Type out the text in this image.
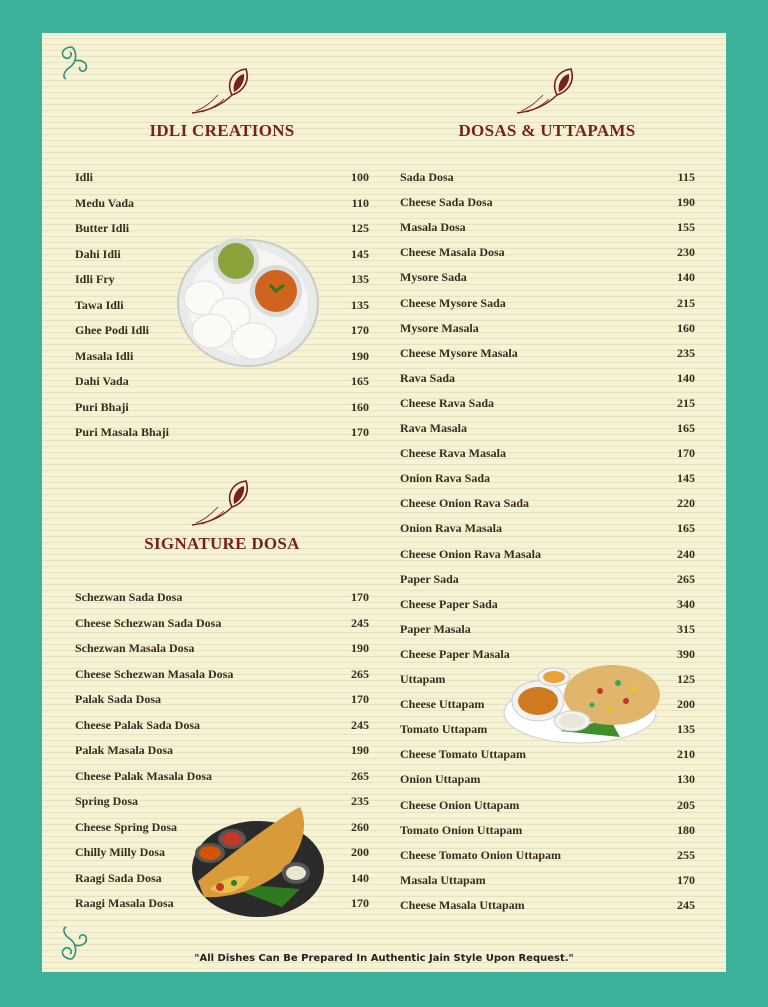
IDLI CREATIONS	DOSAS & UTTAPAMS
SIGNATURE DOSA
Idli	100
Medu Vada	110
Butter Idli	125
Dahi Idli	145
Idli Fry	135
Tawa Idli	135
Ghee Podi Idli	170
Masala Idli	190
Dahi Vada	165
Puri Bhaji	160
Puri Masala Bhaji	170
Schezwan Sada Dosa	170
Cheese Schezwan Sada Dosa	245
Schezwan Masala Dosa	190
Cheese Schezwan Masala Dosa	265
Palak Sada Dosa	170
Cheese Palak Sada Dosa	245
Palak Masala Dosa	190
Cheese Palak Masala Dosa	265
Spring Dosa	235
Cheese Spring Dosa	260
Chilly Milly Dosa	200
Raagi Sada Dosa	140
Raagi Masala Dosa	170
Sada Dosa	115
Cheese Sada Dosa	190
Masala Dosa	155
Cheese Masala Dosa	230
Mysore Sada	140
Cheese Mysore Sada	215
Mysore Masala	160
Cheese Mysore Masala	235
Rava Sada	140
Cheese Rava Sada	215
Rava Masala	165
Cheese Rava Masala	170
Onion Rava Sada	145
Cheese Onion Rava Sada	220
Onion Rava Masala	165
Cheese Onion Rava Masala	240
Paper Sada	265
Cheese Paper Sada	340
Paper Masala	315
Cheese Paper Masala	390
Uttapam	125
Cheese Uttapam	200
Tomato Uttapam	135
Cheese Tomato Uttapam	210
Onion Uttapam	130
Cheese Onion Uttapam	205
Tomato Onion Uttapam	180
Cheese Tomato Onion Uttapam	255
Masala Uttapam	170
Cheese Masala Uttapam	245
"All Dishes Can Be Prepared In Authentic Jain Style Upon Request."
